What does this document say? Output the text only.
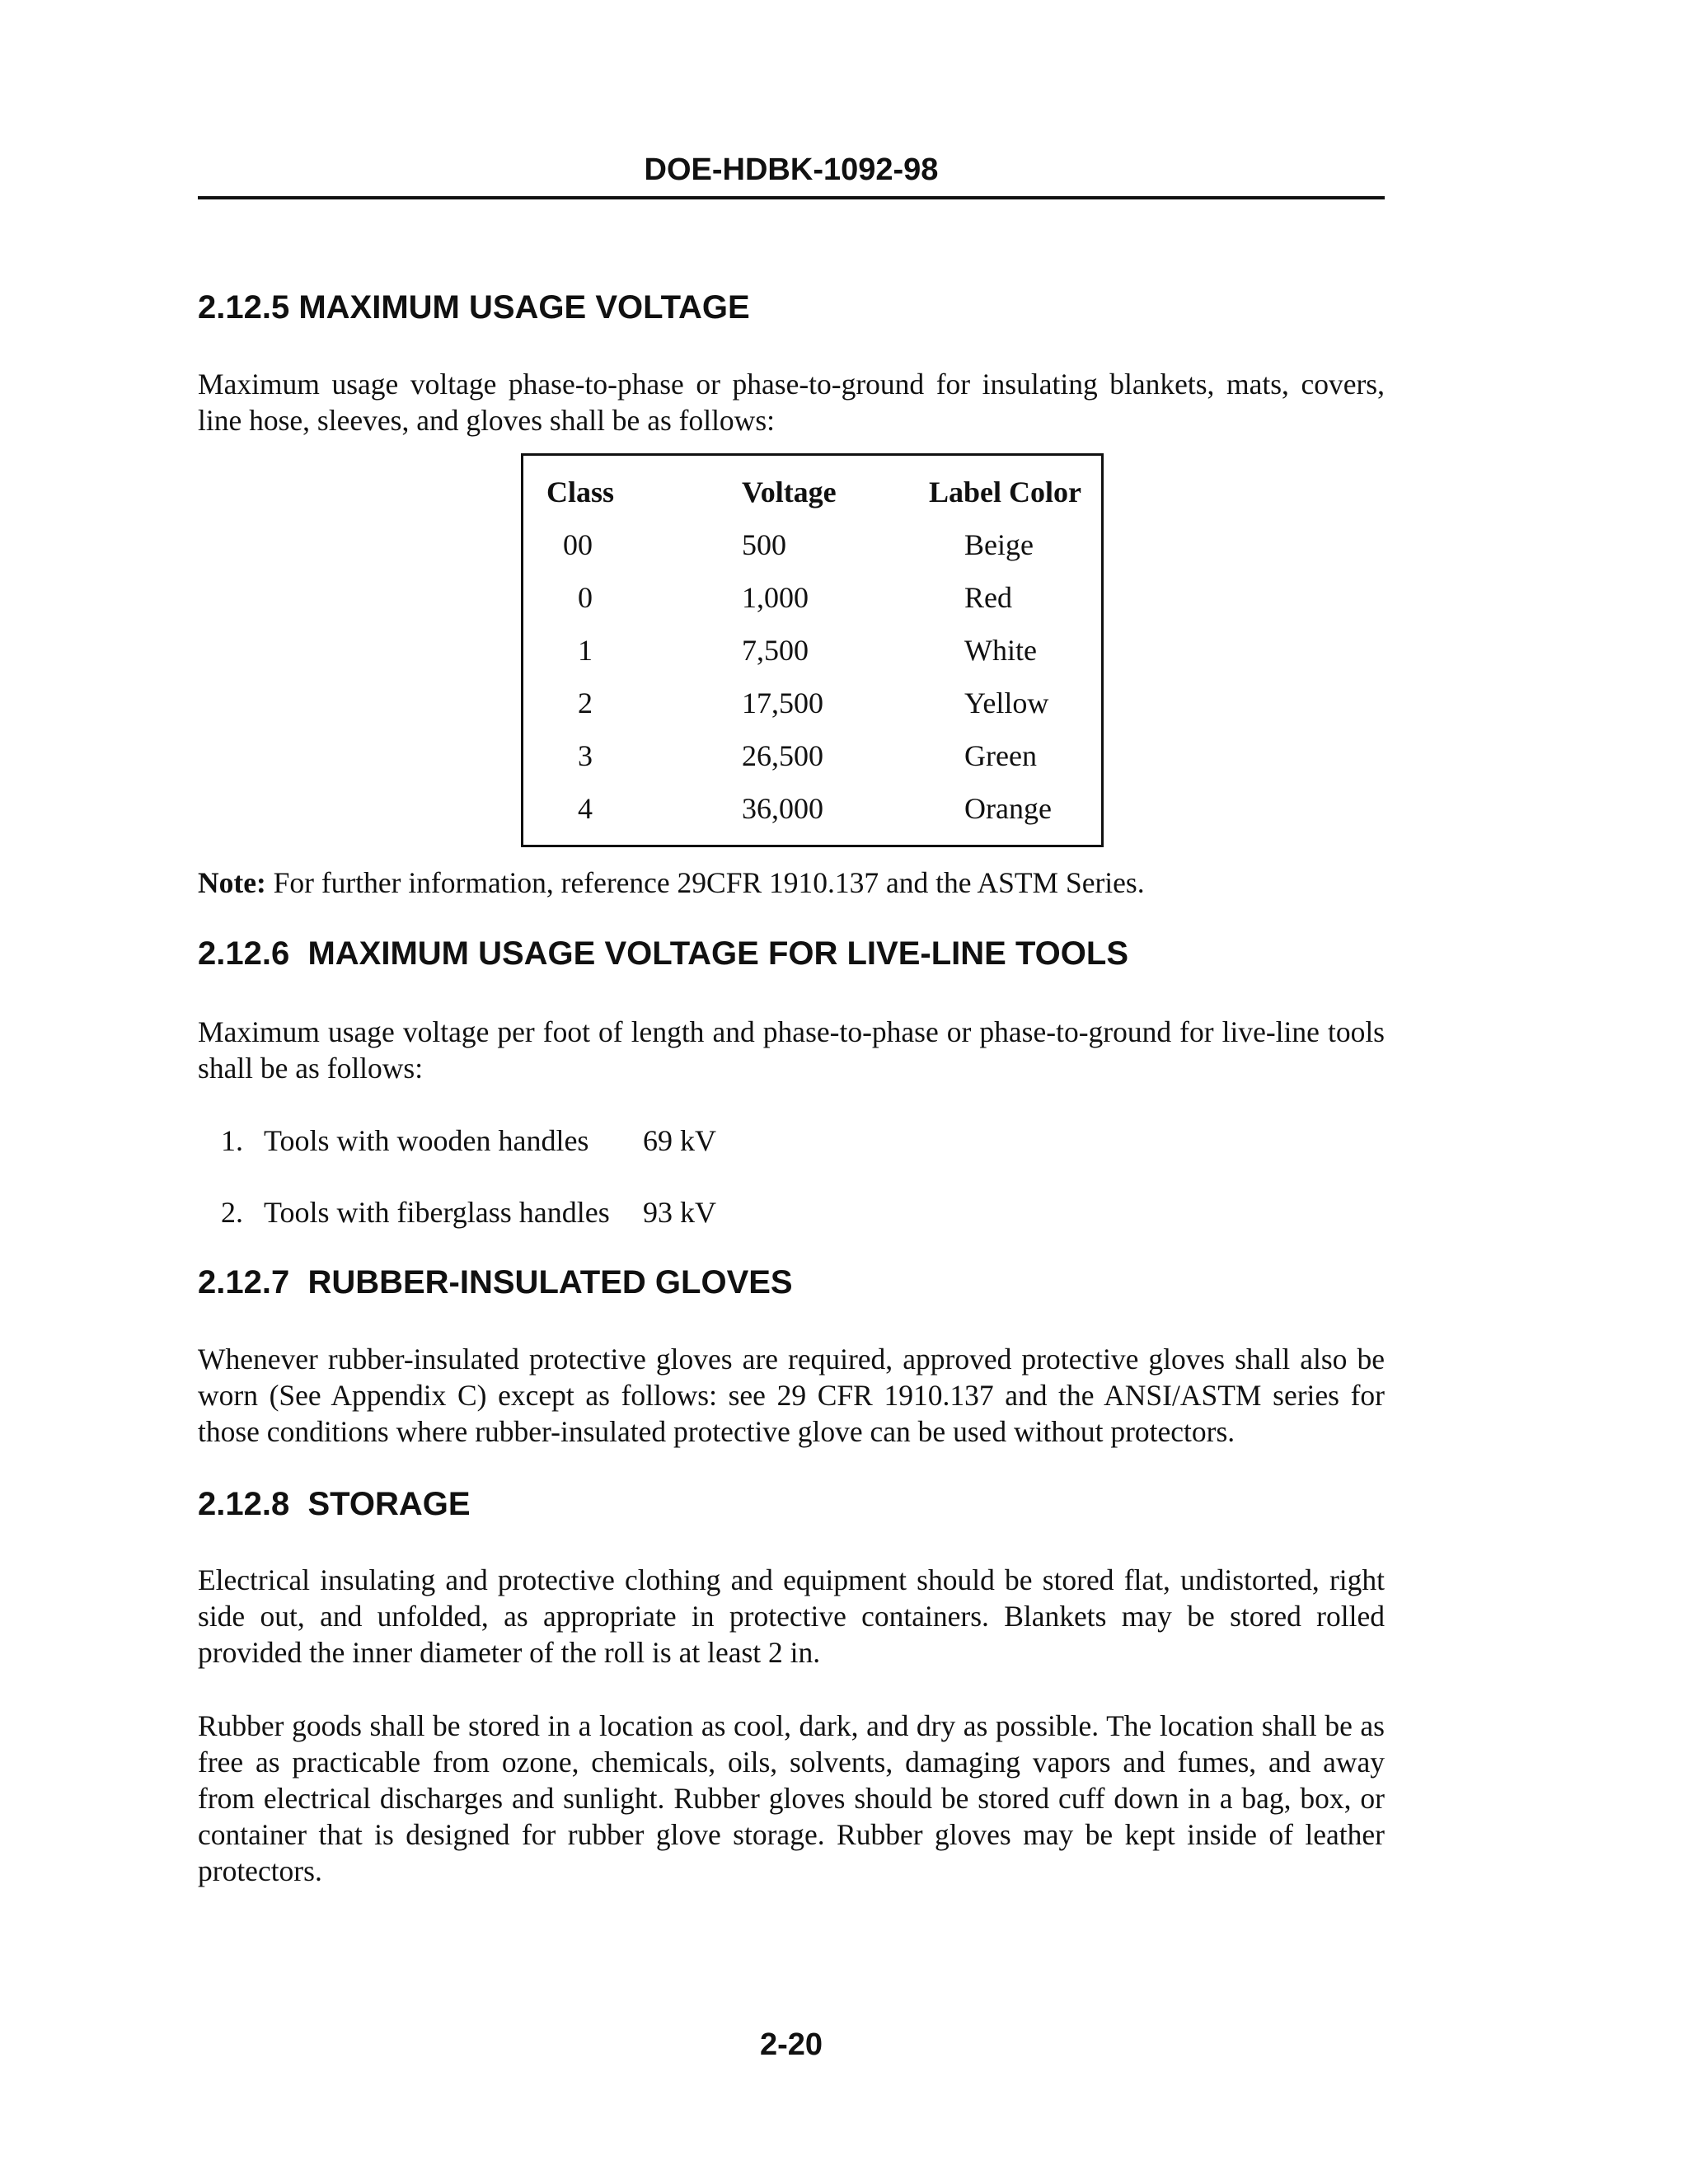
DOE-HDBK-1092-98
2.12.5 MAXIMUM USAGE VOLTAGE
Maximum usage voltage phase-to-phase or phase-to-ground for insulating blankets, mats, covers, line hose, sleeves, and gloves shall be as follows:
Class	Voltage	Label Color
00	500	Beige
0	1,000	Red
1	7,500	White
2	17,500	Yellow
3	26,500	Green
4	36,000	Orange
Note: For further information, reference 29CFR 1910.137 and the ASTM Series.
2.12.6  MAXIMUM USAGE VOLTAGE FOR LIVE-LINE TOOLS
Maximum usage voltage per foot of length and phase-to-phase or phase-to-ground for live-line tools shall be as follows:
1. Tools with wooden handles 69 kV
2. Tools with fiberglass handles 93 kV
2.12.7  RUBBER-INSULATED GLOVES
Whenever rubber-insulated protective gloves are required, approved protective gloves shall also be worn (See Appendix C) except as follows: see 29 CFR 1910.137 and the ANSI/ASTM series for those conditions where rubber-insulated protective glove can be used without protectors.
2.12.8  STORAGE
Electrical insulating and protective clothing and equipment should be stored flat, undistorted, right side out, and unfolded, as appropriate in protective containers. Blankets may be stored rolled provided the inner diameter of the roll is at least 2 in.
Rubber goods shall be stored in a location as cool, dark, and dry as possible. The location shall be as free as practicable from ozone, chemicals, oils, solvents, damaging vapors and fumes, and away from electrical discharges and sunlight. Rubber gloves should be stored cuff down in a bag, box, or container that is designed for rubber glove storage. Rubber gloves may be kept inside of leather protectors.
2-20
